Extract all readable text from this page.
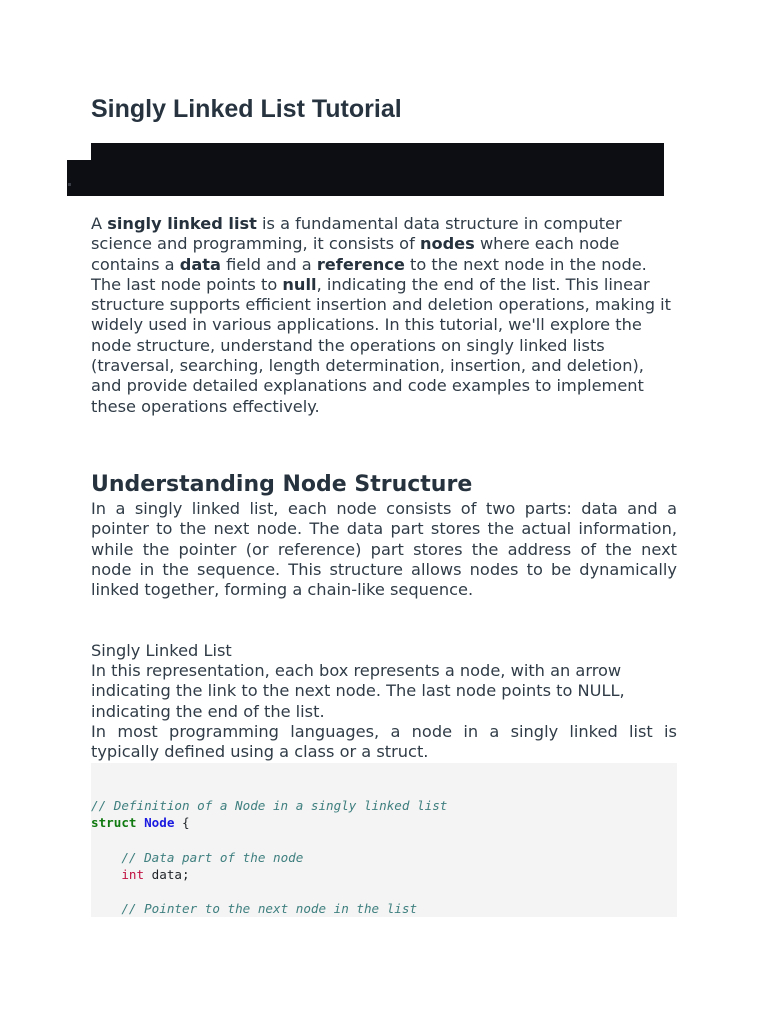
Singly Linked List Tutorial

A singly linked list is a fundamental data structure in computer science and programming, it consists of nodes where each node contains a data field and a reference to the next node in the node. The last node points to null, indicating the end of the list. This linear structure supports efficient insertion and deletion operations, making it widely used in various applications. In this tutorial, we'll explore the node structure, understand the operations on singly linked lists (traversal, searching, length determination, insertion, and deletion), and provide detailed explanations and code examples to implement these operations effectively.

Understanding Node Structure

In a singly linked list, each node consists of two parts: data and a pointer to the next node. The data part stores the actual information, while the pointer (or reference) part stores the address of the next node in the sequence. This structure allows nodes to be dynamically linked together, forming a chain-like sequence.

Singly Linked List

In this representation, each box represents a node, with an arrow indicating the link to the next node. The last node points to NULL, indicating the end of the list.

In most programming languages, a node in a singly linked list is typically defined using a class or a struct.

// Definition of a Node in a singly linked list
struct Node {

// Data part of the node
int data;

// Pointer to the next node in the list
